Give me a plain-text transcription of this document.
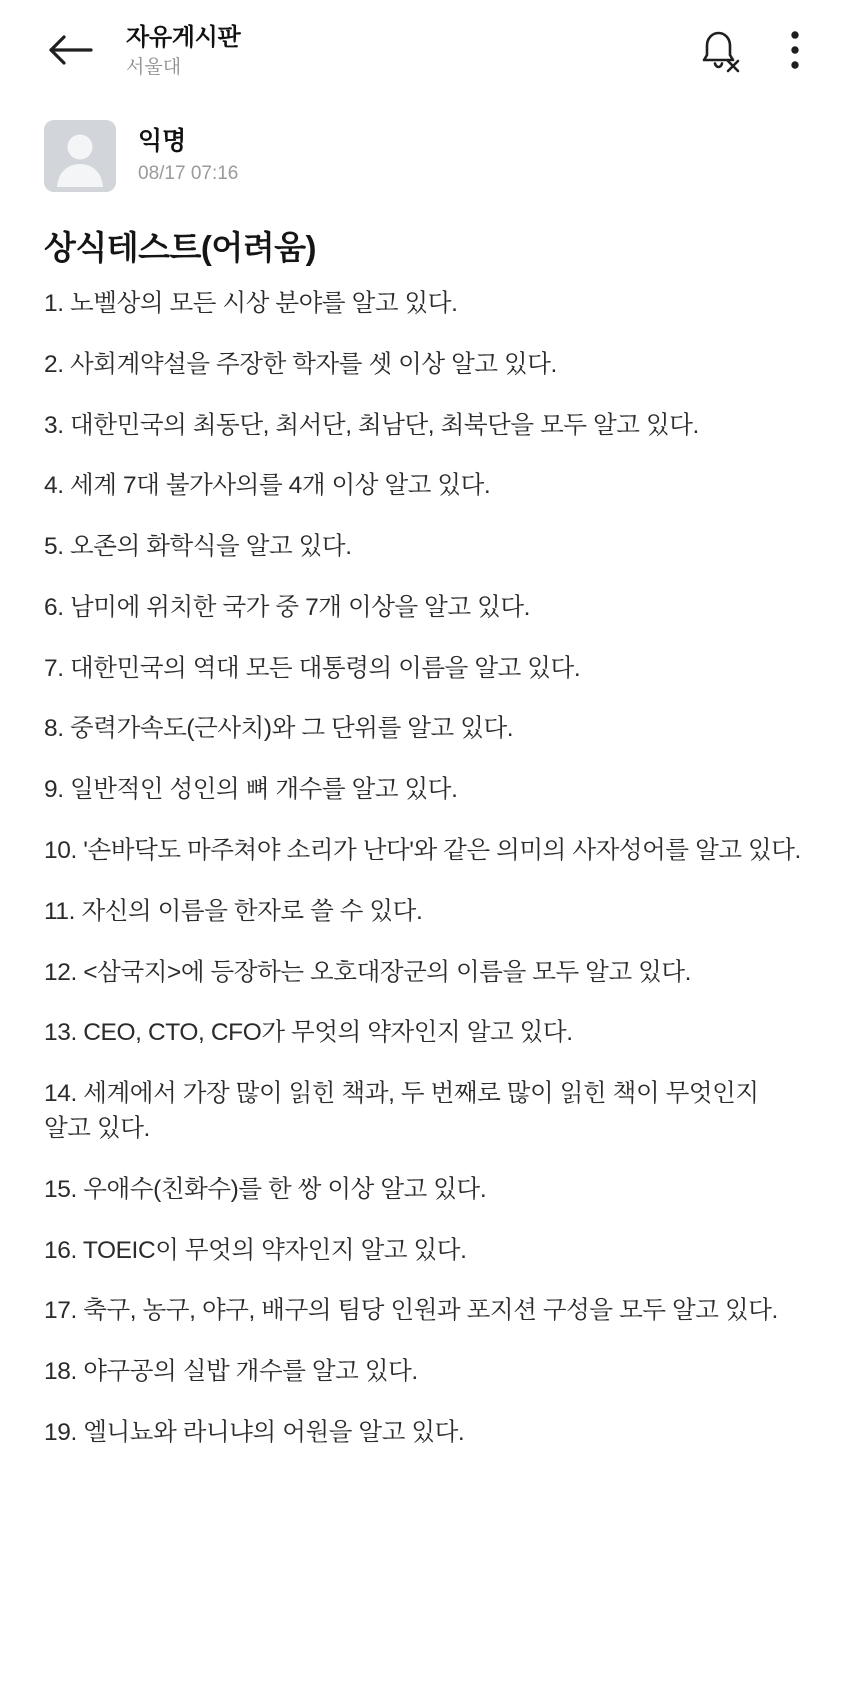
자유게시판
서울대
익명
08/17 07:16
상식테스트(어려움)
1. 노벨상의 모든 시상 분야를 알고 있다.
2. 사회계약설을 주장한 학자를 셋 이상 알고 있다.
3. 대한민국의 최동단, 최서단, 최남단, 최북단을 모두 알고 있다.
4. 세계 7대 불가사의를 4개 이상 알고 있다.
5. 오존의 화학식을 알고 있다.
6. 남미에 위치한 국가 중 7개 이상을 알고 있다.
7. 대한민국의 역대 모든 대통령의 이름을 알고 있다.
8. 중력가속도(근사치)와 그 단위를 알고 있다.
9. 일반적인 성인의 뼈 개수를 알고 있다.
10. '손바닥도 마주쳐야 소리가 난다'와 같은 의미의 사자성어를 알고 있다.
11. 자신의 이름을 한자로 쓸 수 있다.
12. <삼국지>에 등장하는 오호대장군의 이름을 모두 알고 있다.
13. CEO, CTO, CFO가 무엇의 약자인지 알고 있다.
14. 세계에서 가장 많이 읽힌 책과, 두 번째로 많이 읽힌 책이 무엇인지 알고 있다.
15. 우애수(친화수)를 한 쌍 이상 알고 있다.
16. TOEIC이 무엇의 약자인지 알고 있다.
17. 축구, 농구, 야구, 배구의 팀당 인원과 포지션 구성을 모두 알고 있다.
18. 야구공의 실밥 개수를 알고 있다.
19. 엘니뇨와 라니냐의 어원을 알고 있다.
